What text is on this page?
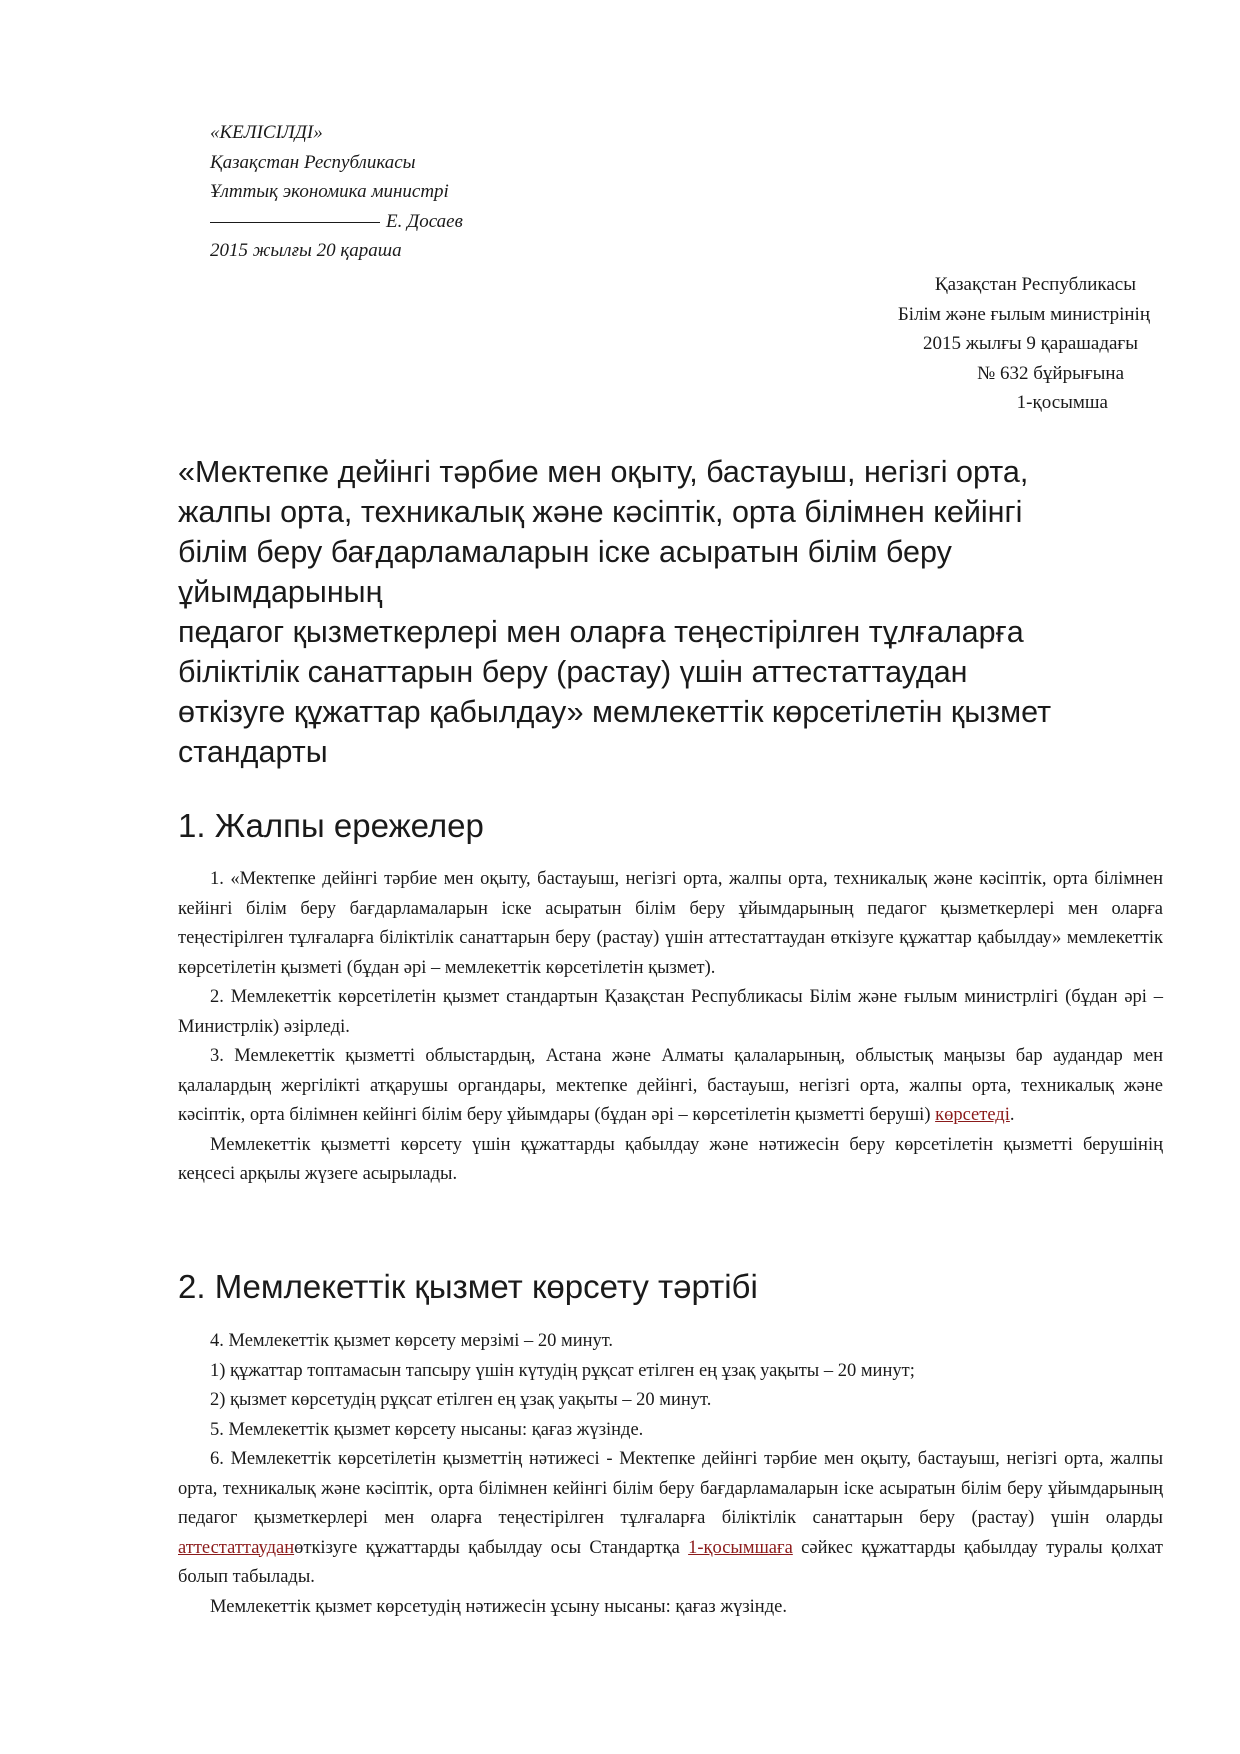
«КЕЛІСІЛДІ»
Қазақстан Республикасы
Ұлттық экономика министрі
Е. Досаев
2015 жылғы 20 қараша
Қазақстан Республикасы
Білім және ғылым министрінің
2015 жылғы 9 қарашадағы
№ 632 бұйрығына
1-қосымша
«Мектепке дейінгі тәрбие мен оқыту, бастауыш, негізгі орта,
жалпы орта, техникалық және кәсіптік, орта білімнен кейінгі
білім беру бағдарламаларын іске асыратын білім беру
ұйымдарының
педагог қызметкерлері мен оларға теңестірілген тұлғаларға
біліктілік санаттарын беру (растау) үшін аттестаттаудан
өткізуге құжаттар қабылдау» мемлекеттік көрсетілетін қызмет
стандарты
1. Жалпы ережелер

1. «Мектепке дейінгі тәрбие мен оқыту, бастауыш, негізгі орта, жалпы орта, техникалық және кәсіптік, орта білімнен кейінгі білім беру бағдарламаларын іске асыратын білім беру ұйымдарының педагог қызметкерлері мен оларға теңестірілген тұлғаларға біліктілік санаттарын беру (растау) үшін аттестаттаудан өткізуге құжаттар қабылдау» мемлекеттік көрсетілетін қызметі (бұдан әрі – мемлекеттік көрсетілетін қызмет).

2. Мемлекеттік көрсетілетін қызмет стандартын Қазақстан Республикасы Білім және ғылым министрлігі (бұдан әрі – Министрлік) әзірледі.

3. Мемлекеттік қызметті облыстардың, Астана және Алматы қалаларының, облыстық маңызы бар аудандар мен қалалардың жергілікті атқарушы органдары, мектепке дейінгі, бастауыш, негізгі орта, жалпы орта, техникалық және кәсіптік, орта білімнен кейінгі білім беру ұйымдары (бұдан әрі – көрсетілетін қызметті беруші) көрсетеді.

Мемлекеттік қызметті көрсету үшін құжаттарды қабылдау және нәтижесін беру көрсетілетін қызметті берушінің кеңсесі арқылы жүзеге асырылады.

2. Мемлекеттік қызмет көрсету тәртібі

4. Мемлекеттік қызмет көрсету мерзімі – 20 минут.

1) құжаттар топтамасын тапсыру үшін күтудің рұқсат етілген ең ұзақ уақыты – 20 минут;

2) қызмет көрсетудің рұқсат етілген ең ұзақ уақыты – 20 минут.

5. Мемлекеттік қызмет көрсету нысаны: қағаз жүзінде.

6. Мемлекеттік көрсетілетін қызметтің нәтижесі - Мектепке дейінгі тәрбие мен оқыту, бастауыш, негізгі орта, жалпы орта, техникалық және кәсіптік, орта білімнен кейінгі білім беру бағдарламаларын іске асыратын білім беру ұйымдарының педагог қызметкерлері мен оларға теңестірілген тұлғаларға біліктілік санаттарын беру (растау) үшін оларды аттестаттауданөткізуге құжаттарды қабылдау осы Стандартқа 1-қосымшаға сәйкес құжаттарды қабылдау туралы қолхат болып табылады.

Мемлекеттік қызмет көрсетудің нәтижесін ұсыну нысаны: қағаз жүзінде.
